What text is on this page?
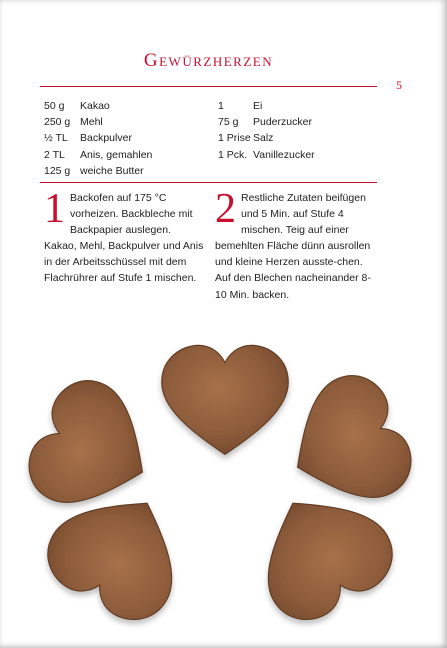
Gewürzherzen
5
50 g	Kakao
250 g Mehl
½ TL	Backpulver
2 TL	Anis, gemahlen
125 g weiche Butter
1	Ei
75 g	Puderzucker
1 Prise Salz
1 Pck. Vanillezucker
1 Backofen auf 175 °C vorheizen. Backbleche mit Backpapier auslegen. Kakao, Mehl, Backpulver und Anis in der Arbeitsschüssel mit dem Flachrührer auf Stufe 1 mischen.
2 Restliche Zutaten beifügen und 5 Min. auf Stufe 4 mischen. Teig auf einer bemehlten Fläche dünn ausrollen und kleine Herzen ausste-chen. Auf den Blechen nacheinander 8-10 Min. backen.
